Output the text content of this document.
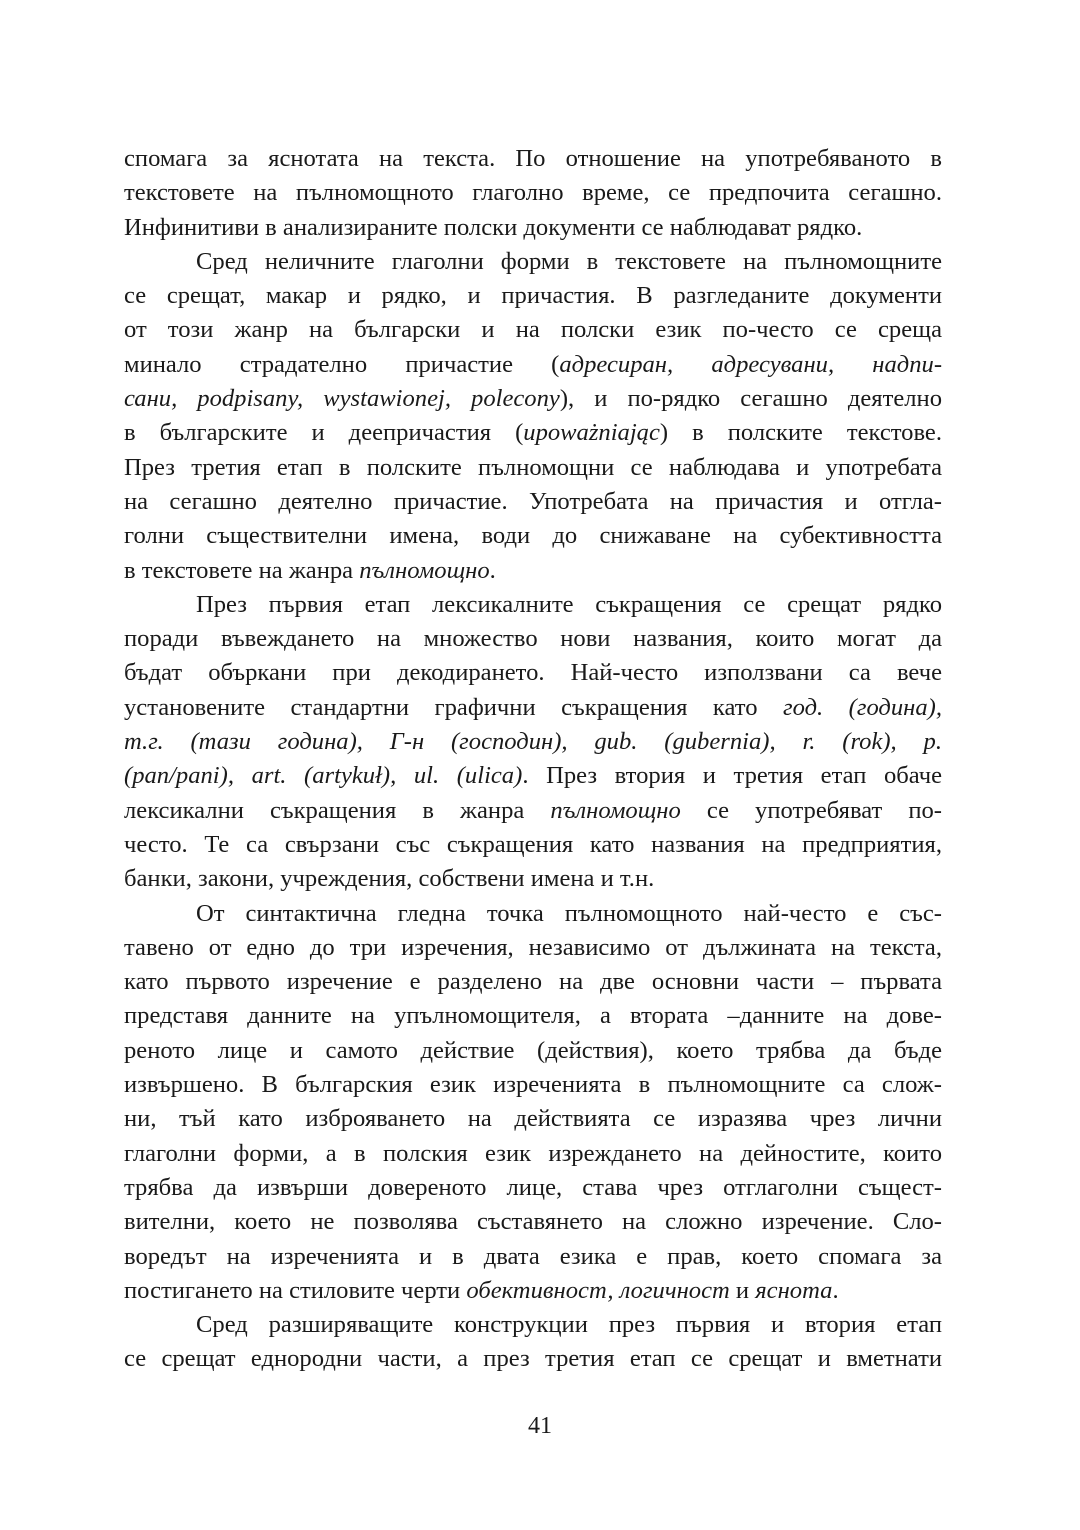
спомага за яснотата на текста. По отношение на употребяваното в

текстовете на пълномощното глаголно време, се предпочита сегашно.

Инфинитиви в анализираните полски документи се наблюдават рядко.

Сред неличните глаголни форми в текстовете на пълномощните

се срещат, макар и рядко, и причастия. В разгледаните документи

от този жанр на български и на полски език по-често се среща

минало страдателно причастие (адресиран, адресувани, надпи-

сани, podpisany, wystawionej, polecony), и по-рядко сегашно деятелно

в българските и деепричастия (upoważniając) в полските текстове.

През третия етап в полските пълномощни се наблюдава и употребата

на сегашно деятелно причастие. Употребата на причастия и отгла-

голни съществителни имена, води до снижаване на субективността

в текстовете на жанра пълномощно.

През първия етап лексикалните съкращения се срещат рядко

поради въвеждането на множество нови названия, които могат да

бъдат объркани при декодирането. Най-често използвани са вече

установените стандартни графични съкращения като год. (година),

т.г. (тази година), Г-н (господин), gub. (gubernia), r. (rok), p.

(pan/pani), art. (artykuł), ul. (ulica). През втория и третия етап обаче

лексикални съкращения в жанра пълномощно се употребяват по-

често. Те са свързани със съкращения като названия на предприятия,

банки, закони, учреждения, собствени имена и т.н.

От синтактична гледна точка пълномощното най-често е със-

тавено от едно до три изречения, независимо от дължината на текста,

като първото изречение е разделено на две основни части – първата

представя данните на упълномощителя, а втората –данните на дове-

реното лице и самото действие (действия), което трябва да бъде

извършено. В българския език изреченията в пълномощните са слож-

ни, тъй като изброяването на действията се изразява чрез лични

глаголни форми, а в полския език изреждането на дейностите, които

трябва да извърши довереното лице, става чрез отглаголни същест-

вителни, което не позволява съставянето на сложно изречение. Сло-

воредът на изреченията и в двата езика е прав, което спомага за

постигането на стиловите черти обективност, логичност и яснота.

Сред разширяващите конструкции през първия и втория етап

се срещат еднородни части, а през третия етап се срещат и вметнати

41
